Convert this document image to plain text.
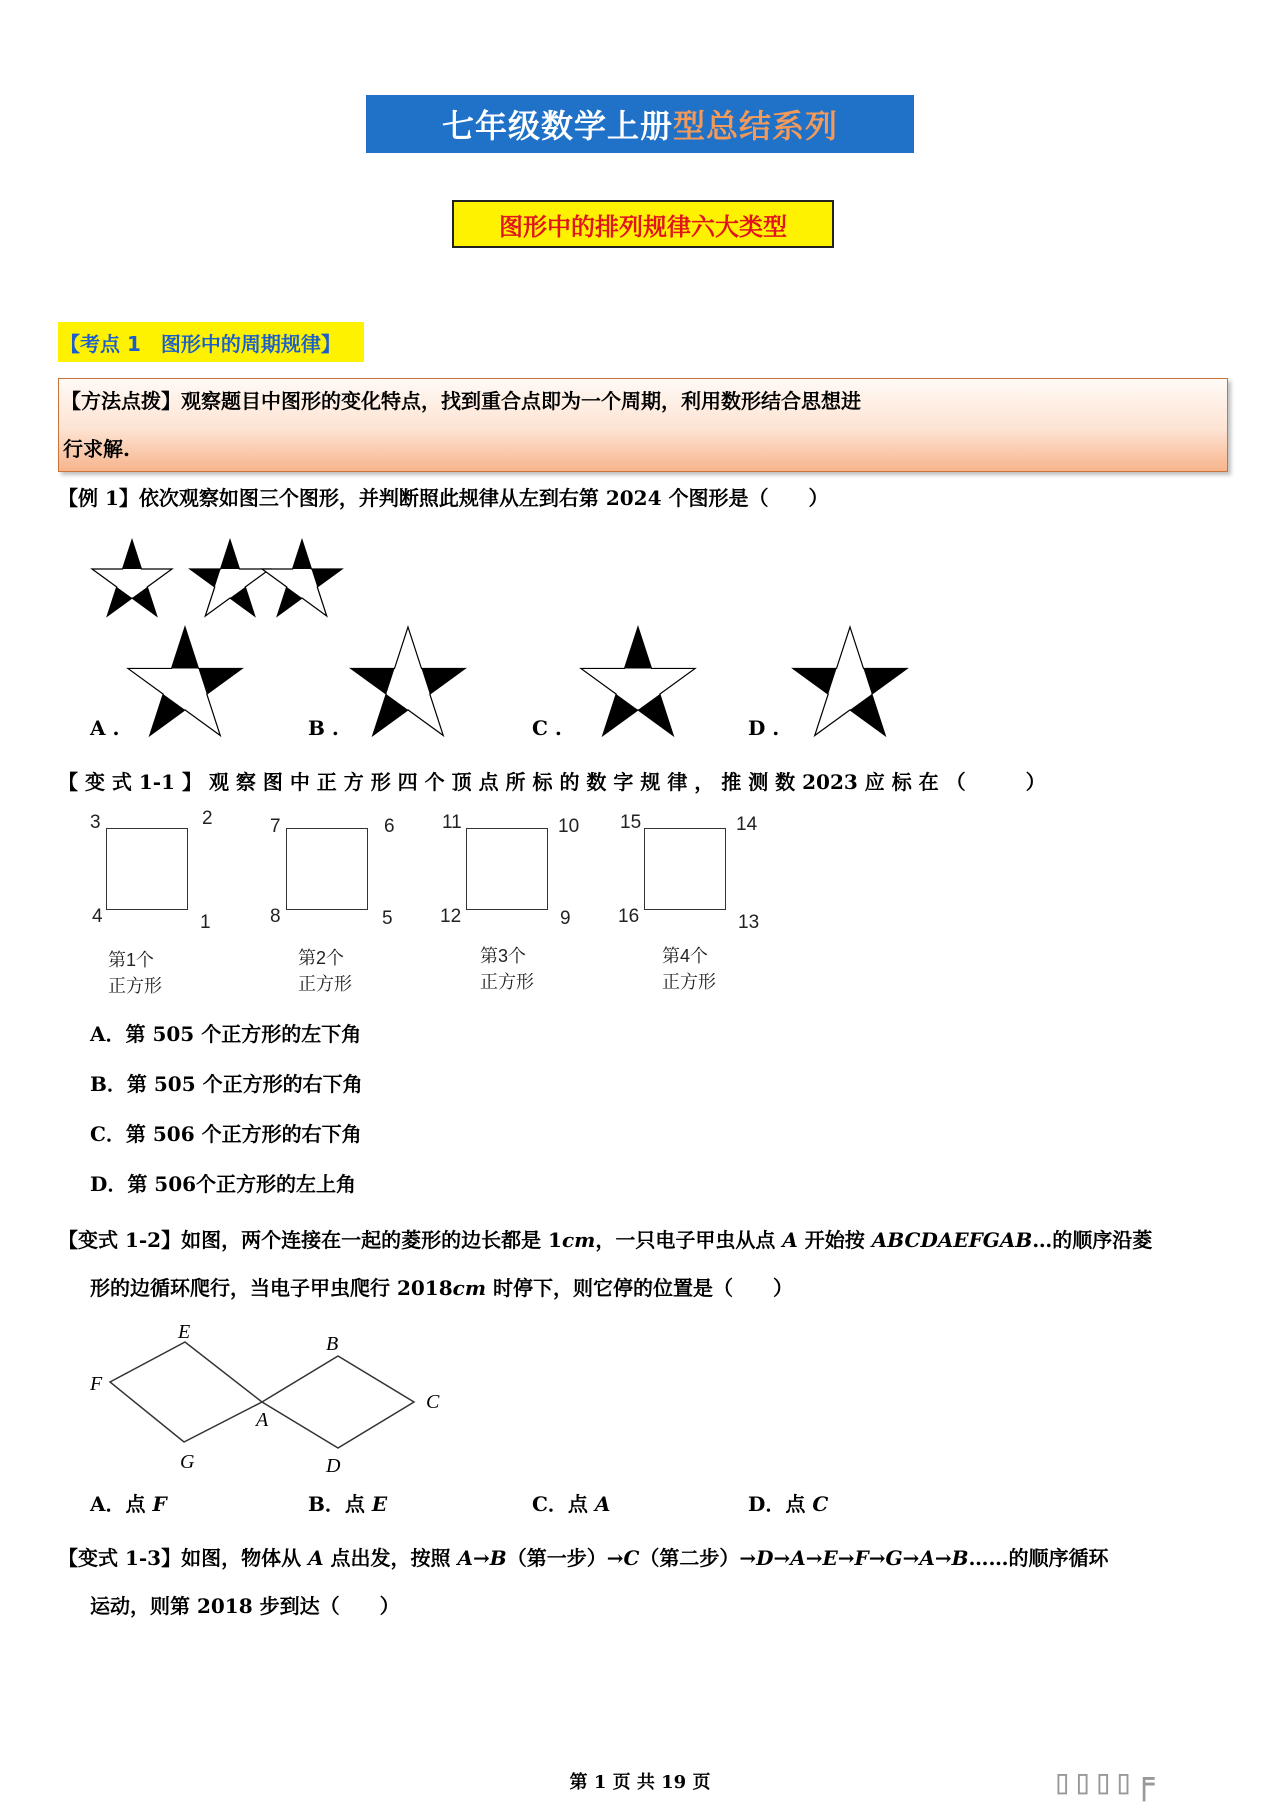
七年级数学上册 型总结系列
图形中的排列规律六大类型
【考点 1　图形中的周期规律】
【方法点拨】观察题目中图形的变化特点，找到重合点即为一个周期，利用数形结合思想进
行求解.
【例 1】依次观察如图三个图形，并判断照此规律从左到右第 2024 个图形是（　　）
A .	B .	C .	D .
【 变 式 1-1 】 观 察 图 中 正 方 形 四 个 顶 点 所 标 的 数 字 规 律 ， 推 测 数 2023 应 标 在 （　　　）
3	2
4	1
第1个
正方形
7	6
8	5
第2个
正方形
11	10
12	9
第3个
正方形
15	14
16	13
第4个
正方形
A．第 505 个正方形的左下角
B．第 505 个正方形的右下角
C．第 506 个正方形的右下角
D．第 506个正方形的左上角
【变式 1-2】如图，两个连接在一起的菱形的边长都是 1cm，一只电子甲虫从点 A 开始按 ABCDAEFGAB…的顺序沿菱
形的边循环爬行，当电子甲虫爬行 2018cm 时停下，则它停的位置是（　　）
E
B
F
A
C
G	D
A．点 F	B．点 E	C．点 A	D．点 C
【变式 1-3】如图，物体从 A 点出发，按照 A→B（第一步）→C（第二步）→D→A→E→F→G→A→B……的顺序循环
运动，则第 2018 步到达（　　）
第 1 页 共 19 页	▯▯▯▯╒
